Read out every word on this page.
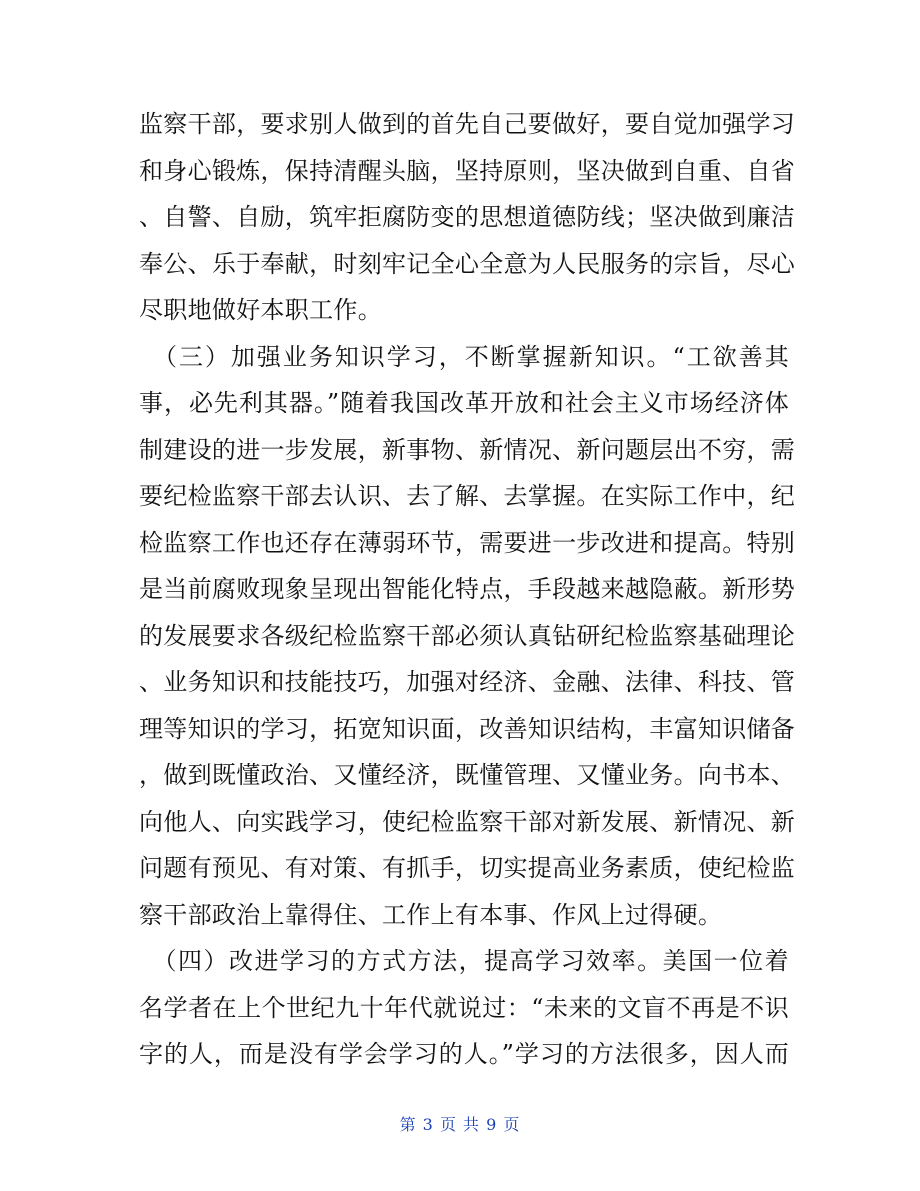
监察干部，要求别人做到的首先自己要做好，要自觉加强学习
和身心锻炼，保持清醒头脑，坚持原则，坚决做到自重、自省
、自警、自励，筑牢拒腐防变的思想道德防线；坚决做到廉洁
奉公、乐于奉献，时刻牢记全心全意为人民服务的宗旨，尽心
尽职地做好本职工作。
　（三）加强业务知识学习，不断掌握新知识。“工欲善其
事，必先利其器。”随着我国改革开放和社会主义市场经济体
制建设的进一步发展，新事物、新情况、新问题层出不穷，需
要纪检监察干部去认识、去了解、去掌握。在实际工作中，纪
检监察工作也还存在薄弱环节，需要进一步改进和提高。特别
是当前腐败现象呈现出智能化特点，手段越来越隐蔽。新形势
的发展要求各级纪检监察干部必须认真钻研纪检监察基础理论
、业务知识和技能技巧，加强对经济、金融、法律、科技、管
理等知识的学习，拓宽知识面，改善知识结构，丰富知识储备
，做到既懂政治、又懂经济，既懂管理、又懂业务。向书本、
向他人、向实践学习，使纪检监察干部对新发展、新情况、新
问题有预见、有对策、有抓手，切实提高业务素质，使纪检监
察干部政治上靠得住、工作上有本事、作风上过得硬。
　（四）改进学习的方式方法，提高学习效率。美国一位着
名学者在上个世纪九十年代就说过：“未来的文盲不再是不识
字的人，而是没有学会学习的人。”学习的方法很多，因人而
第 3 页 共 9 页
